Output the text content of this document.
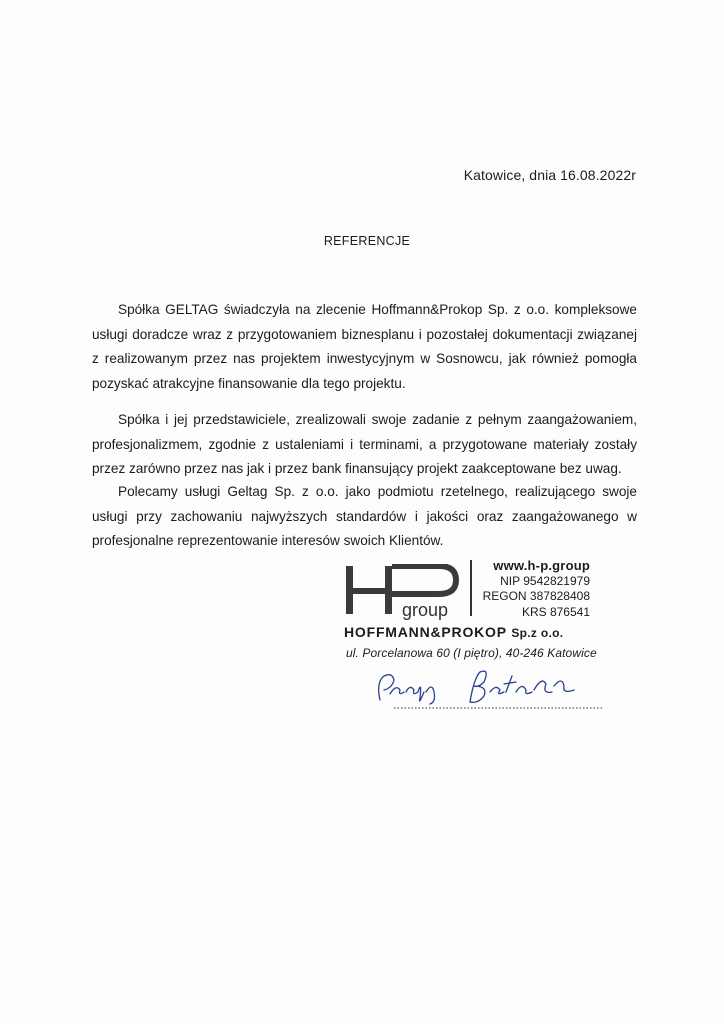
Katowice, dnia 16.08.2022r
REFERENCJE
Spółka GELTAG świadczyła na zlecenie Hoffmann&Prokop Sp. z o.o. kompleksowe usługi doradcze wraz z przygotowaniem biznesplanu i pozostałej dokumentacji związanej z realizowanym przez nas projektem inwestycyjnym w Sosnowcu, jak również pomogła pozyskać atrakcyjne finansowanie dla tego projektu.
Spółka i jej przedstawiciele, zrealizowali swoje zadanie z pełnym zaangażowaniem, profesjonalizmem, zgodnie z ustaleniami i terminami, a przygotowane materiały zostały przez zarówno przez nas jak i przez bank finansujący projekt zaakceptowane bez uwag.
Polecamy usługi Geltag Sp. z o.o. jako podmiotu rzetelnego, realizującego swoje usługi przy zachowaniu najwyższych standardów i jakości oraz zaangażowanego w profesjonalne reprezentowanie interesów swoich Klientów.
group
www.h-p.group
NIP 9542821979
REGON 387828408
KRS 876541
HOFFMANN&PROKOP Sp.z o.o.
ul. Porcelanowa 60 (I piętro), 40-246 Katowice
